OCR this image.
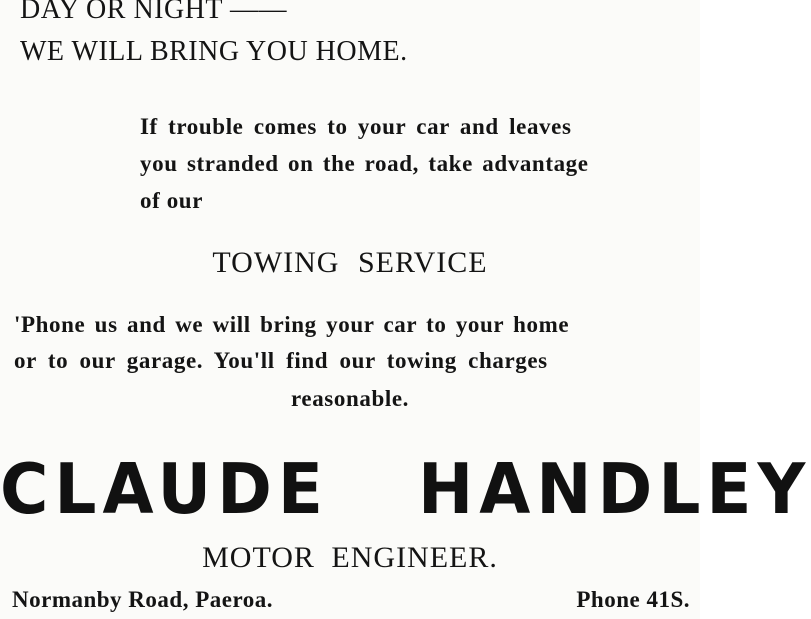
DAY OR NIGHT ——
WE WILL BRING YOU HOME.
If trouble comes to your car and leaves
you stranded on the road, take advantage
of our
TOWING SERVICE
'Phone us and we will bring your car to your home
or to our garage. You'll find our towing charges
reasonable.
CLAUDE HANDLEY
MOTOR ENGINEER.
Normanby Road, Paeroa.	Phone 41S.
